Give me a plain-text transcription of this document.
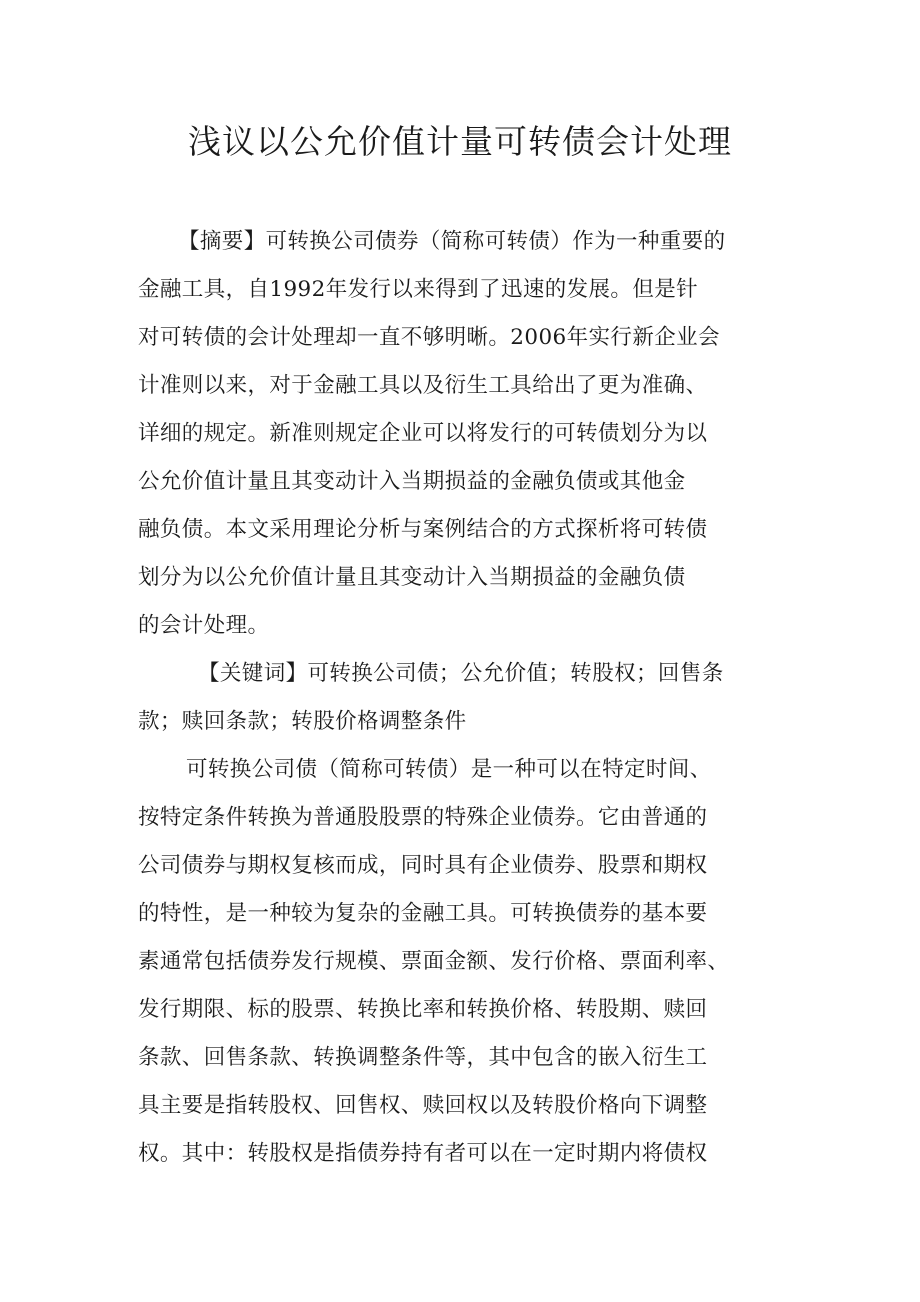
浅议以公允价值计量可转债会计处理
【摘要】可转换公司债券（简称可转债）作为一种重要的
金融工具，自1992年发行以来得到了迅速的发展。但是针
对可转债的会计处理却一直不够明晰。2006年实行新企业会
计准则以来，对于金融工具以及衍生工具给出了更为准确、
详细的规定。新准则规定企业可以将发行的可转债划分为以
公允价值计量且其变动计入当期损益的金融负债或其他金
融负债。本文采用理论分析与案例结合的方式探析将可转债
划分为以公允价值计量且其变动计入当期损益的金融负债
的会计处理。
【关键词】可转换公司债；公允价值；转股权；回售条
款；赎回条款；转股价格调整条件
可转换公司债（简称可转债）是一种可以在特定时间、
按特定条件转换为普通股股票的特殊企业债券。它由普通的
公司债券与期权复核而成，同时具有企业债券、股票和期权
的特性，是一种较为复杂的金融工具。可转换债券的基本要
素通常包括债券发行规模、票面金额、发行价格、票面利率、
发行期限、标的股票、转换比率和转换价格、转股期、赎回
条款、回售条款、转换调整条件等，其中包含的嵌入衍生工
具主要是指转股权、回售权、赎回权以及转股价格向下调整
权。其中：转股权是指债券持有者可以在一定时期内将债权
